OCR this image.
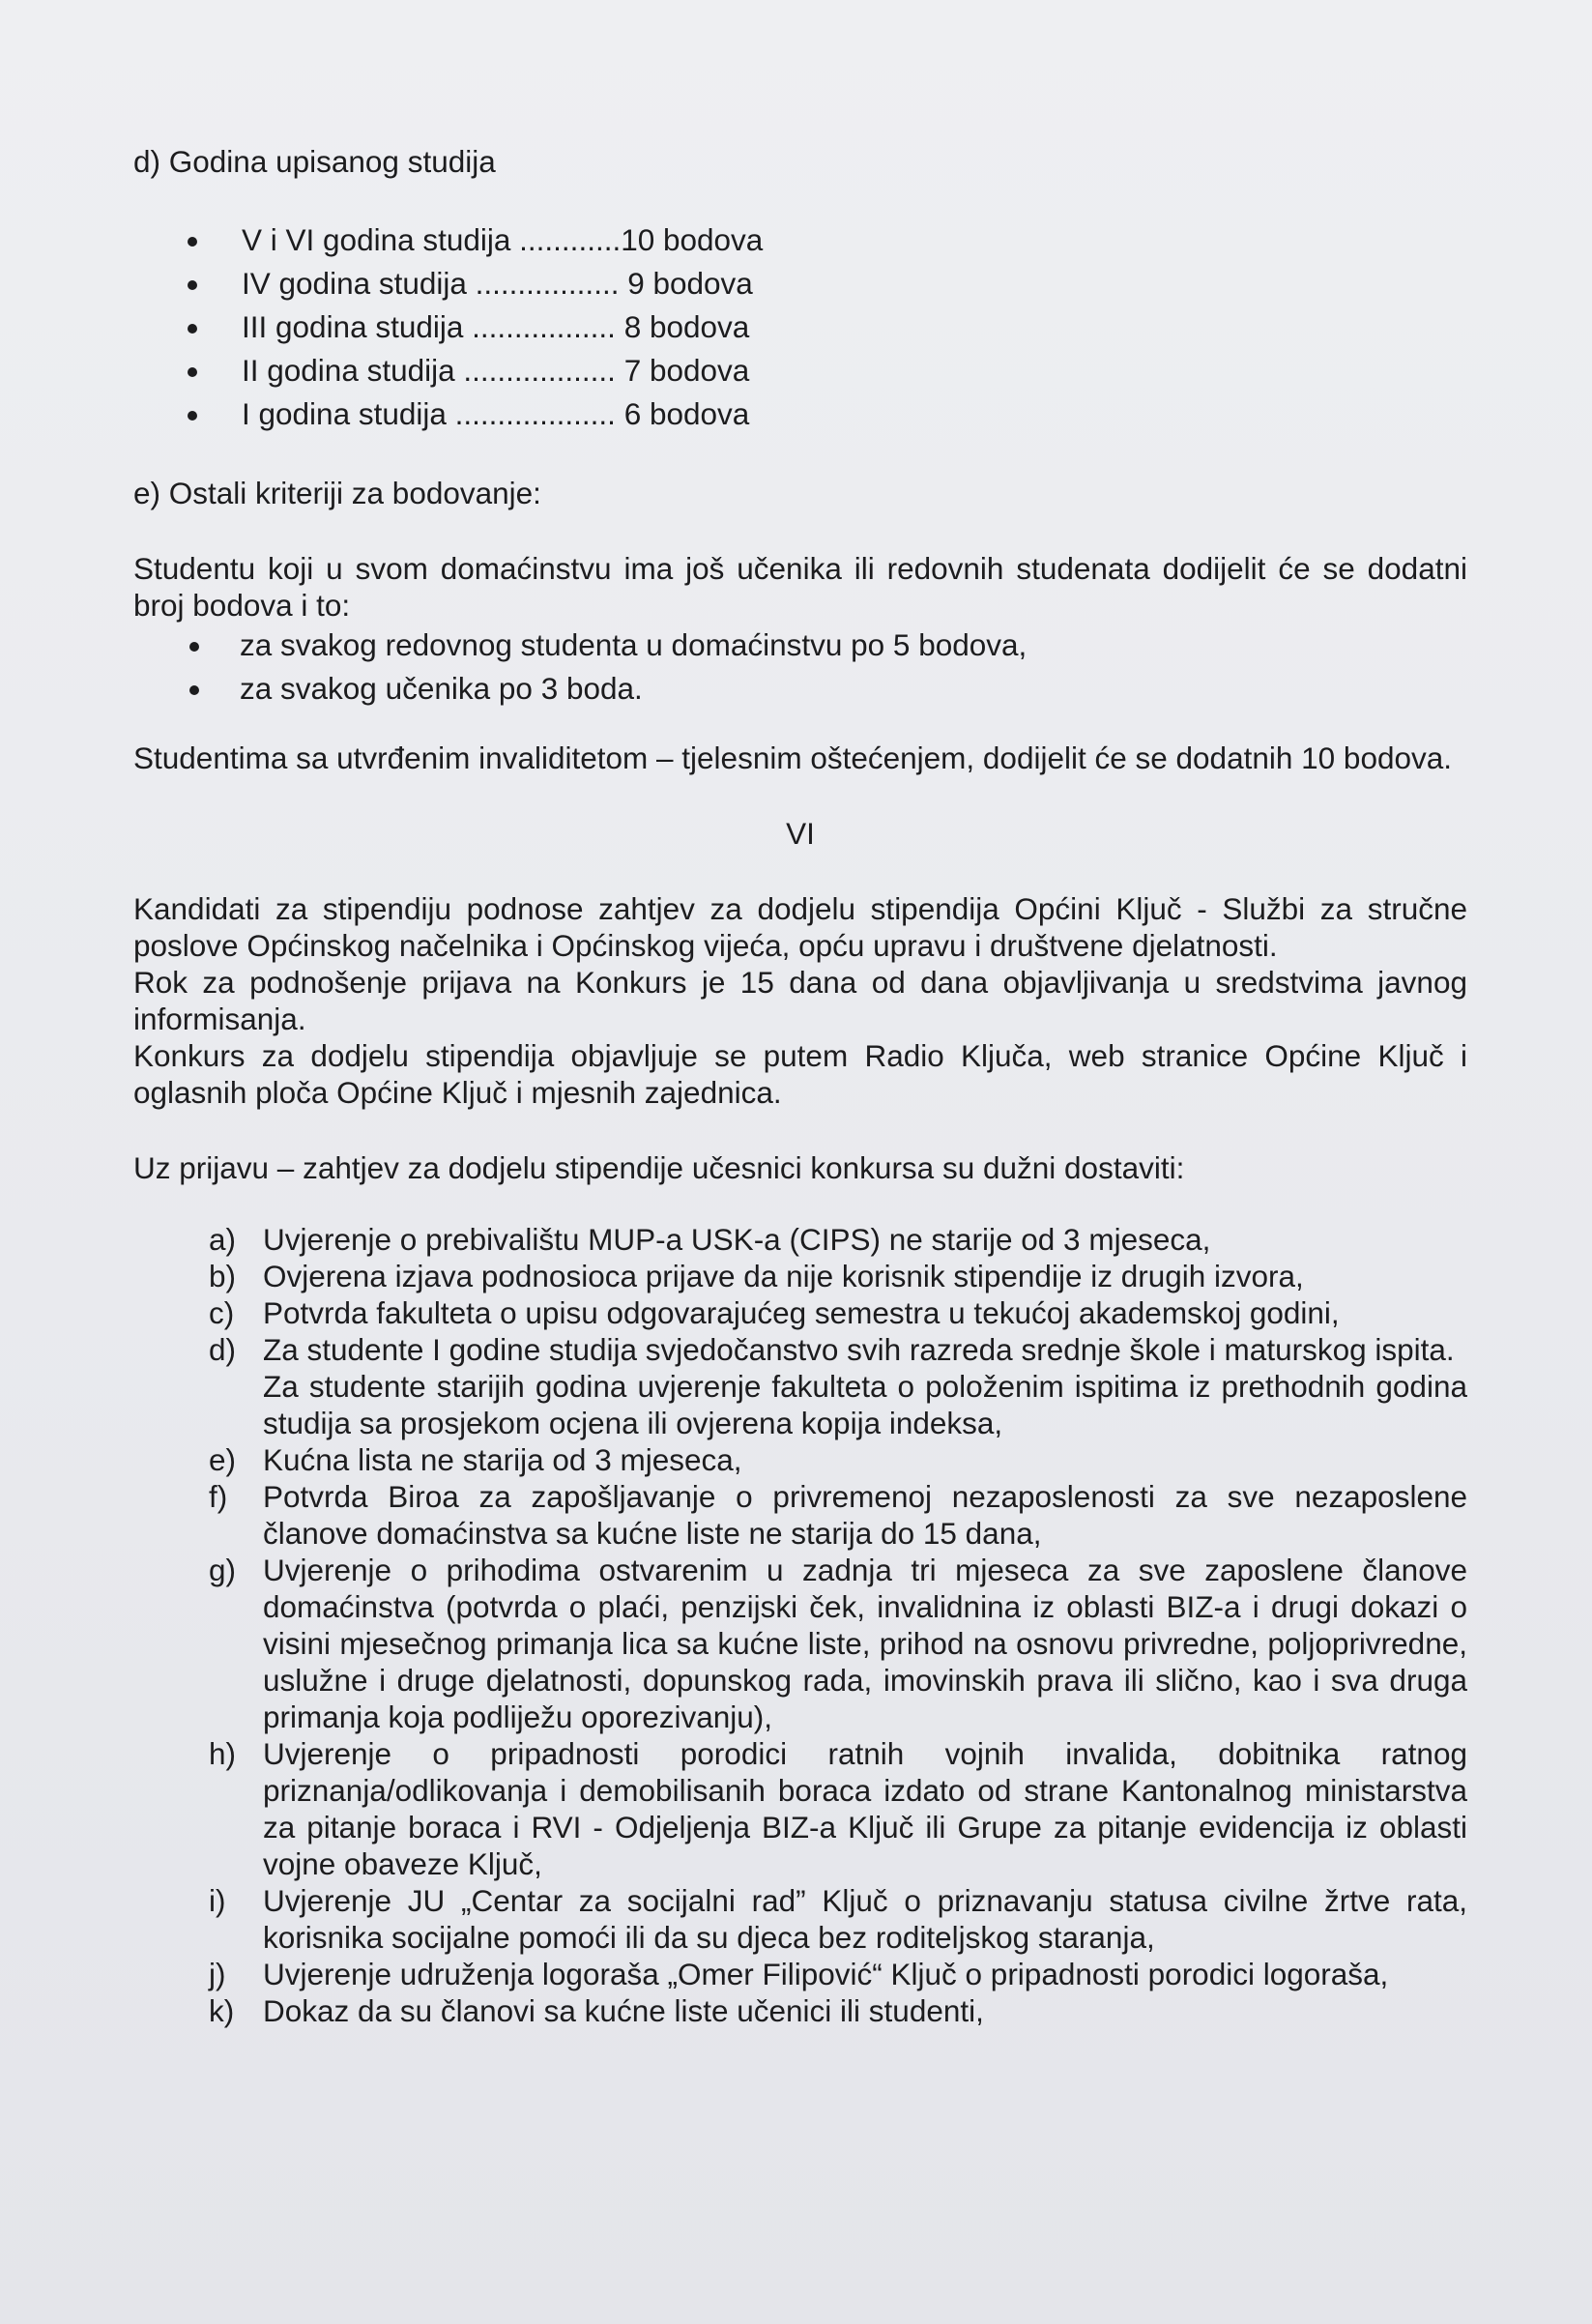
d) Godina upisanog studija

V i VI godina studija ............10 bodova
IV godina studija ................. 9 bodova
III godina studija ................. 8 bodova
II godina studija .................. 7 bodova
I godina studija ................... 6 bodova

e) Ostali kriteriji za bodovanje:

Studentu koji u svom domaćinstvu ima još učenika ili redovnih studenata dodijelit će se dodatni broj bodova i to:

za svakog redovnog studenta u domaćinstvu po 5 bodova,
za svakog učenika po 3 boda.

Studentima sa utvrđenim invaliditetom – tjelesnim oštećenjem, dodijelit će se dodatnih 10 bodova.

VI

Kandidati za stipendiju podnose zahtjev za dodjelu stipendija Općini Ključ - Službi za stručne poslove Općinskog načelnika i Općinskog vijeća, opću upravu i društvene djelatnosti.

Rok za podnošenje prijava na Konkurs je 15 dana od dana objavljivanja u sredstvima javnog informisanja.

Konkurs za dodjelu stipendija objavljuje se putem Radio Ključa, web stranice Općine Ključ i oglasnih ploča Općine Ključ i mjesnih zajednica.

Uz prijavu – zahtjev za dodjelu stipendije učesnici konkursa su dužni dostaviti:

a) Uvjerenje o prebivalištu MUP-a USK-a (CIPS) ne starije od 3 mjeseca,
b) Ovjerena izjava podnosioca prijave da nije korisnik stipendije iz drugih izvora,
c) Potvrda fakulteta o upisu odgovarajućeg semestra u tekućoj akademskoj godini,
d) Za studente I godine studija svjedočanstvo svih razreda srednje škole i maturskog ispita.
Za studente starijih godina uvjerenje fakulteta o položenim ispitima iz prethodnih godina studija sa prosjekom ocjena ili ovjerena kopija indeksa,
e) Kućna lista ne starija od 3 mjeseca,
f) Potvrda Biroa za zapošljavanje o privremenoj nezaposlenosti za sve nezaposlene članove domaćinstva sa kućne liste ne starija do 15 dana,
g) Uvjerenje o prihodima ostvarenim u zadnja tri mjeseca za sve zaposlene članove domaćinstva (potvrda o plaći, penzijski ček, invalidnina iz oblasti BIZ-a i drugi dokazi o visini mjesečnog primanja lica sa kućne liste, prihod na osnovu privredne, poljoprivredne, uslužne i druge djelatnosti, dopunskog rada, imovinskih prava ili slično, kao i sva druga primanja koja podliježu oporezivanju),
h) Uvjerenje o pripadnosti porodici ratnih vojnih invalida, dobitnika ratnog priznanja/odlikovanja i demobilisanih boraca izdato od strane Kantonalnog ministarstva za pitanje boraca i RVI - Odjeljenja BIZ-a Ključ ili Grupe za pitanje evidencija iz oblasti vojne obaveze Ključ,
i) Uvjerenje JU „Centar za socijalni rad” Ključ o priznavanju statusa civilne žrtve rata, korisnika socijalne pomoći ili da su djeca bez roditeljskog staranja,
j) Uvjerenje udruženja logoraša „Omer Filipović“ Ključ o pripadnosti porodici logoraša,
k) Dokaz da su članovi sa kućne liste učenici ili studenti,
